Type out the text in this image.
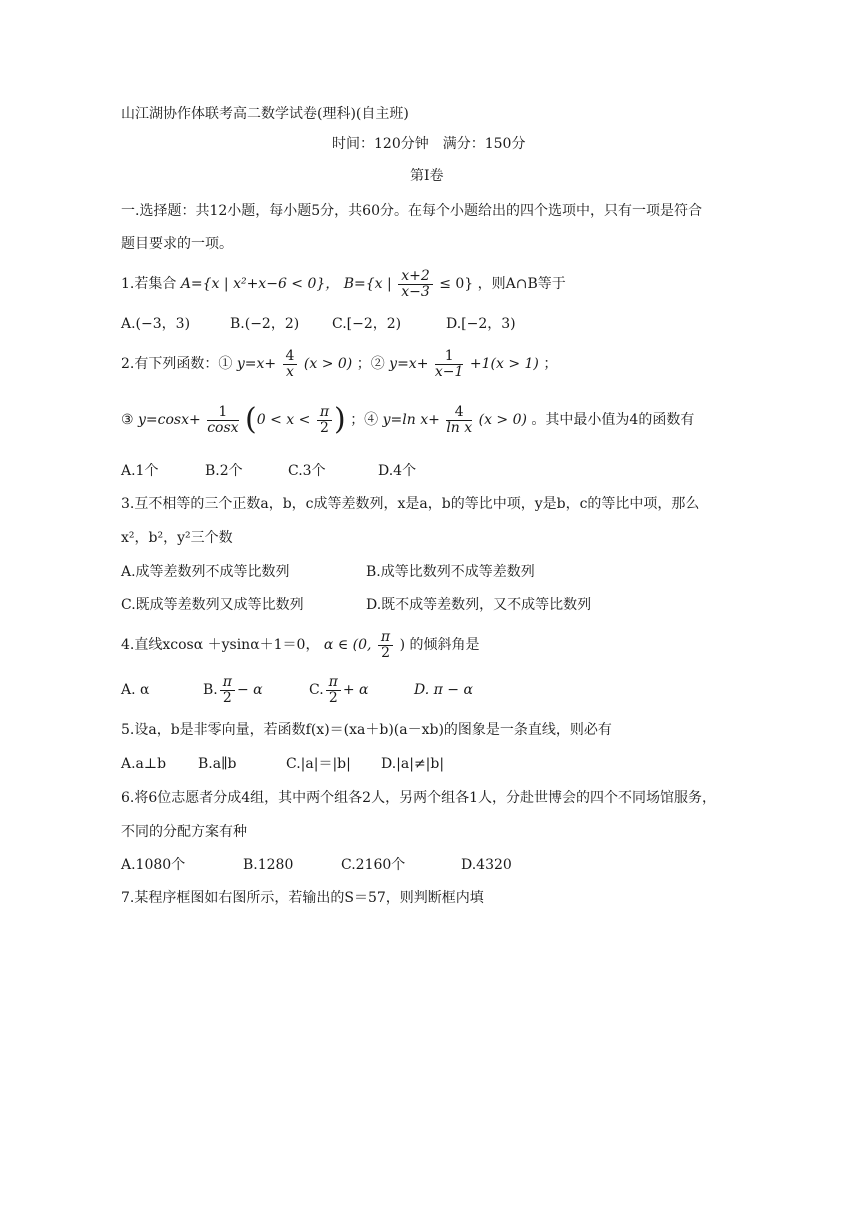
山江湖协作体联考高二数学试卷(理科)(自主班)
时间：120分钟　满分：150分
第Ⅰ卷
一.选择题：共12小题，每小题5分，共60分。在每个小题给出的四个选项中，只有一项是符合
题目要求的一项。
1.若集合 A={x | x²+x−6 < 0}， B={x | $\frac{x+2}{x-3} \le 0$} ，则A∩B等于
A.(−3，3)	B.(−2，2) C.[−2，2)	D.[−2，3)
2.有下列函数：① $y=x+ \frac{4}{x} (x > 0)$ ；② $y=x+ \frac{1}{x-1} +1(x > 1)$ ；
③ $y=\cos x+ \frac{1}{\cos x} (0 < x < \frac{\pi}{2}$ ) ；④ y=ln $x+ \frac{4}{\text{ln x}} (x > 0)$ 。其中最小值为4的函数有
A.1个	B.2个	C.3个	D.4个
3.互不相等的三个正数a，b，c成等差数列，x是a，b的等比中项，y是b，c的等比中项，那么
x²，b²，y²三个数
A.成等差数列不成等比数列	B.成等比数列不成等差数列
C.既成等差数列又成等比数列	D.既不成等差数列，又不成等比数列
4.直线xcosα ＋ysinα＋1＝0， α ∈ (0, $\frac{\pi}{2}$ ) 的倾斜角是
A. α	B. $\frac{\pi}{2} - \alpha$	C. $\frac{\pi}{2} + \alpha$	D. π − α
5.设a，b是非零向量，若函数f(x)＝(xa＋b)(a－xb)的图象是一条直线，则必有
A.a⊥b B.a∥b	C.|a|＝|b| D.|a|≠|b|
6.将6位志愿者分成4组，其中两个组各2人，另两个组各1人，分赴世博会的四个不同场馆服务，
不同的分配方案有种
A.1080个	B.1280	C.2160个	D.4320
7.某程序框图如右图所示，若输出的S＝57，则判断框内填
